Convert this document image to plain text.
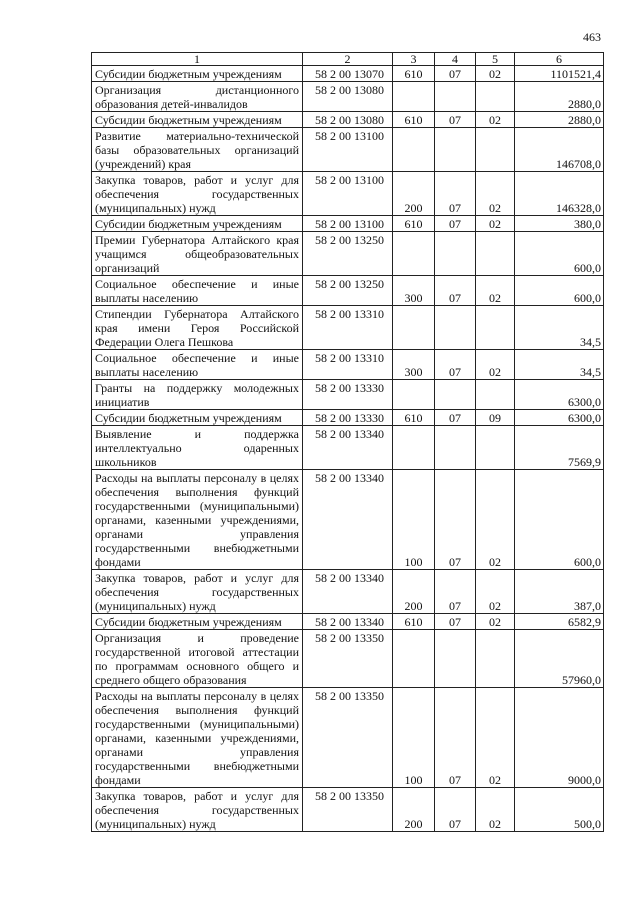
463
1	2	3	4	5	6
Субсидии бюджетным учреждениям	58 2 00 13070	610	07	02	1101521,4
Организация дистанционного образования детей-инвалидов	58 2 00 13080				2880,0
Субсидии бюджетным учреждениям	58 2 00 13080	610	07	02	2880,0
Развитие материально-технической базы образовательных организаций (учреждений) края	58 2 00 13100				146708,0
Закупка товаров, работ и услуг для обеспечения государственных (муниципальных) нужд	58 2 00 13100	200	07	02	146328,0
Субсидии бюджетным учреждениям	58 2 00 13100	610	07	02	380,0
Премии Губернатора Алтайского края учащимся общеобразовательных организаций	58 2 00 13250				600,0
Социальное обеспечение и иные выплаты населению	58 2 00 13250	300	07	02	600,0
Стипендии Губернатора Алтайского края имени Героя Российской Федерации Олега Пешкова	58 2 00 13310				34,5
Социальное обеспечение и иные выплаты населению	58 2 00 13310	300	07	02	34,5
Гранты на поддержку молодежных инициатив	58 2 00 13330				6300,0
Субсидии бюджетным учреждениям	58 2 00 13330	610	07	09	6300,0
Выявление и поддержка интеллектуально одаренных школьников	58 2 00 13340				7569,9
Расходы на выплаты персоналу в целях обеспечения выполнения функций государственными (муниципальными) органами, казенными учреждениями, органами управления государственными внебюджетными фондами	58 2 00 13340	100	07	02	600,0
Закупка товаров, работ и услуг для обеспечения государственных (муниципальных) нужд	58 2 00 13340	200	07	02	387,0
Субсидии бюджетным учреждениям	58 2 00 13340	610	07	02	6582,9
Организация и проведение государственной итоговой аттестации по программам основного общего и среднего общего образования	58 2 00 13350				57960,0
Расходы на выплаты персоналу в целях обеспечения выполнения функций государственными (муниципальными) органами, казенными учреждениями, органами управления государственными внебюджетными фондами	58 2 00 13350	100	07	02	9000,0
Закупка товаров, работ и услуг для обеспечения государственных (муниципальных) нужд	58 2 00 13350	200	07	02	500,0
